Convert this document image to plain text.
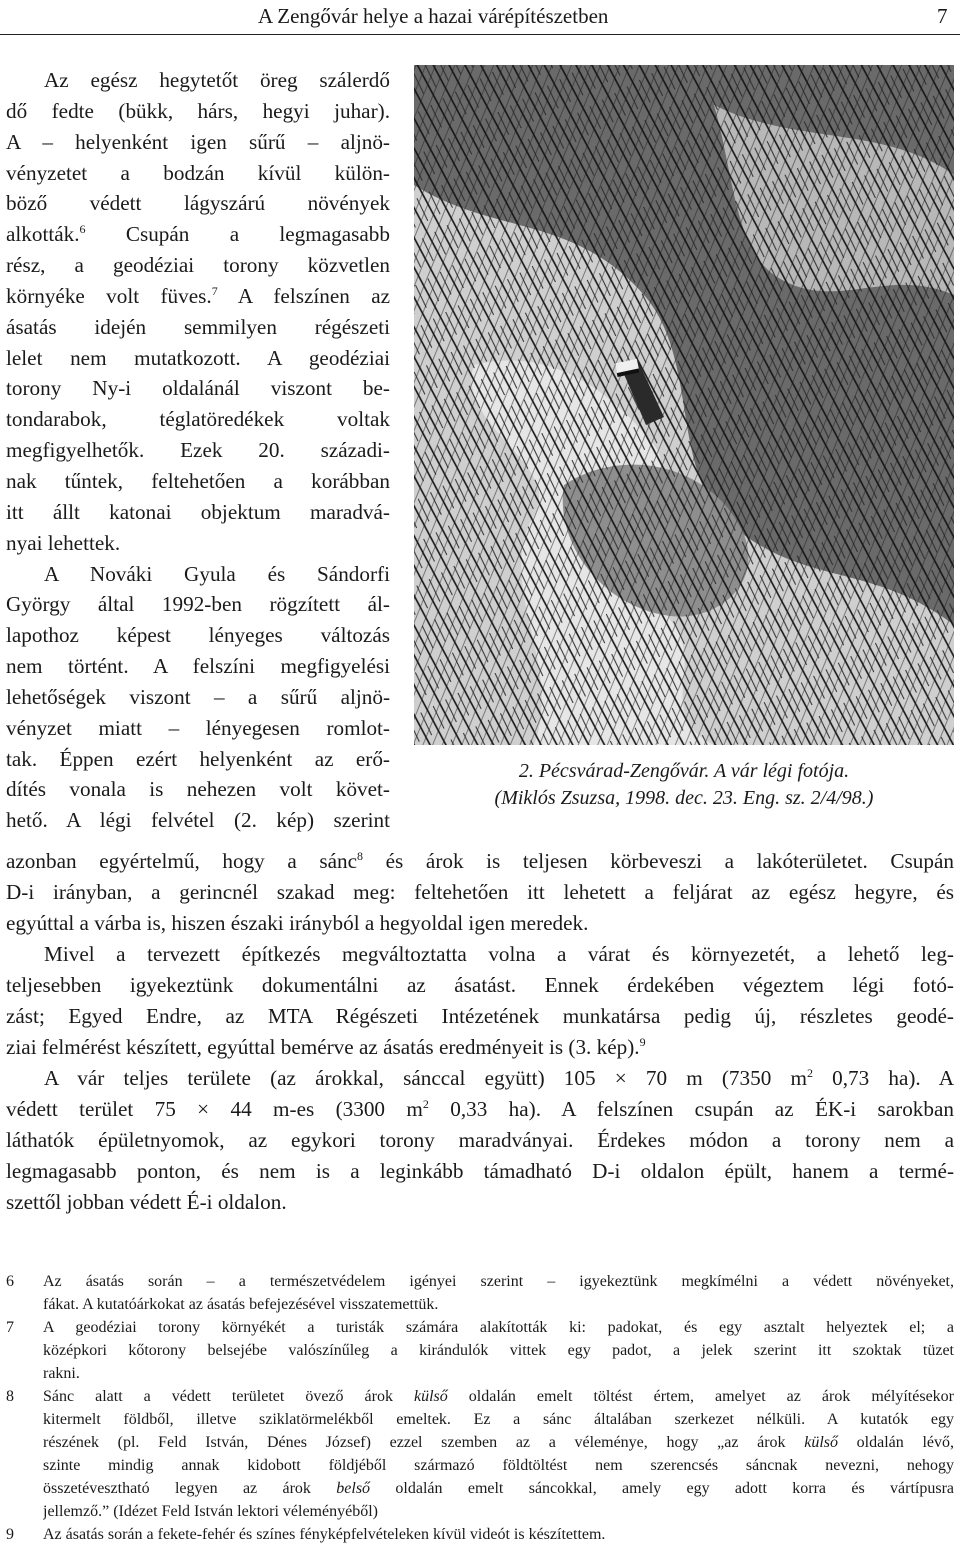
A Zengővár helye a hazai várépítészetben	7
Az egész hegytetőt öreg szálerdő
dő fedte (bükk, hárs, hegyi juhar).
A – helyenként igen sűrű – aljnö-
vényzetet a bodzán kívül külön-
böző védett lágyszárú növények
alkották.$^6$ Csupán a legmagasabb
rész, a geodéziai torony közvetlen
környéke volt füves.$^7$ A felszínen az
ásatás idején semmilyen régészeti
lelet nem mutatkozott. A geodéziai
torony Ny-i oldalánál viszont be-
tondarabok, téglatöredékek voltak
megfigyelhetők. Ezek 20. századi-
nak tűntek, feltehetően a korábban
itt állt katonai objektum maradvá-
nyai lehettek.
A Nováki Gyula és Sándorfi
György által 1992-ben rögzített ál-
lapothoz képest lényeges változás
nem történt. A felszíni megfigyelési
lehetőségek viszont – a sűrű aljnö-
vényzet miatt – lényegesen romlot-
tak. Éppen ezért helyenként az erő-
dítés vonala is nehezen volt követ-
hető. A légi felvétel (2. kép) szerint
2. Pécsvárad-Zengővár. A vár légi fotója.
(Miklós Zsuzsa, 1998. dec. 23. Eng. sz. 2/4/98.)
azonban egyértelmű, hogy a sánc$^8$ és árok is teljesen körbeveszi a lakóterületet. Csupán
D-i irányban, a gerincnél szakad meg: feltehetően itt lehetett a feljárat az egész hegyre, és
egyúttal a várba is, hiszen északi irányból a hegyoldal igen meredek.
Mivel a tervezett építkezés megváltoztatta volna a várat és környezetét, a lehető leg-
teljesebben igyekeztünk dokumentálni az ásatást. Ennek érdekében végeztem légi fotó-
zást; Egyed Endre, az MTA Régészeti Intézetének munkatársa pedig új, részletes geodé-
ziai felmérést készített, egyúttal bemérve az ásatás eredményeit is (3. kép).$^9$
A vár teljes területe (az árokkal, sánccal együtt) 105 × 70 m (7350 $m^2$ 0,73 ha). A
védett terület 75 × 44 m-es (3300 $m^2$ 0,33 ha). A felszínen csupán az ÉK-i sarokban
láthatók épületnyomok, az egykori torony maradványai. Érdekes módon a torony nem a
legmagasabb ponton, és nem is a leginkább támadható D-i oldalon épült, hanem a termé-
szettől jobban védett É-i oldalon.
6 Az ásatás során – a természetvédelem igényei szerint – igyekeztünk megkímélni a védett növényeket,
fákat. A kutatóárkokat az ásatás befejezésével visszatemettük.
7 A geodéziai torony környékét a turisták számára alakították ki: padokat, és egy asztalt helyeztek el; a
középkori kőtorony belsejébe valószínűleg a kirándulók vittek egy padot, a jelek szerint itt szoktak tüzet
rakni.
8 Sánc alatt a védett területet övező árok külső oldalán emelt töltést értem, amelyet az árok mélyítésekor
kitermelt földből, illetve sziklatörmelékből emeltek. Ez a sánc általában szerkezet nélküli. A kutatók egy
részének (pl. Feld István, Dénes József) ezzel szemben az a véleménye, hogy „az árok külső oldalán lévő,
szinte mindig annak kidobott földjéből származó földtöltést nem szerencsés sáncnak nevezni, nehogy
összetévesztható legyen az árok belső oldalán emelt sáncokkal, amely egy adott korra és vártípusra
jellemző.” (Idézet Feld István lektori véleményéből)
9 Az ásatás során a fekete-fehér és színes fényképfelvételeken kívül videót is készítettem.
